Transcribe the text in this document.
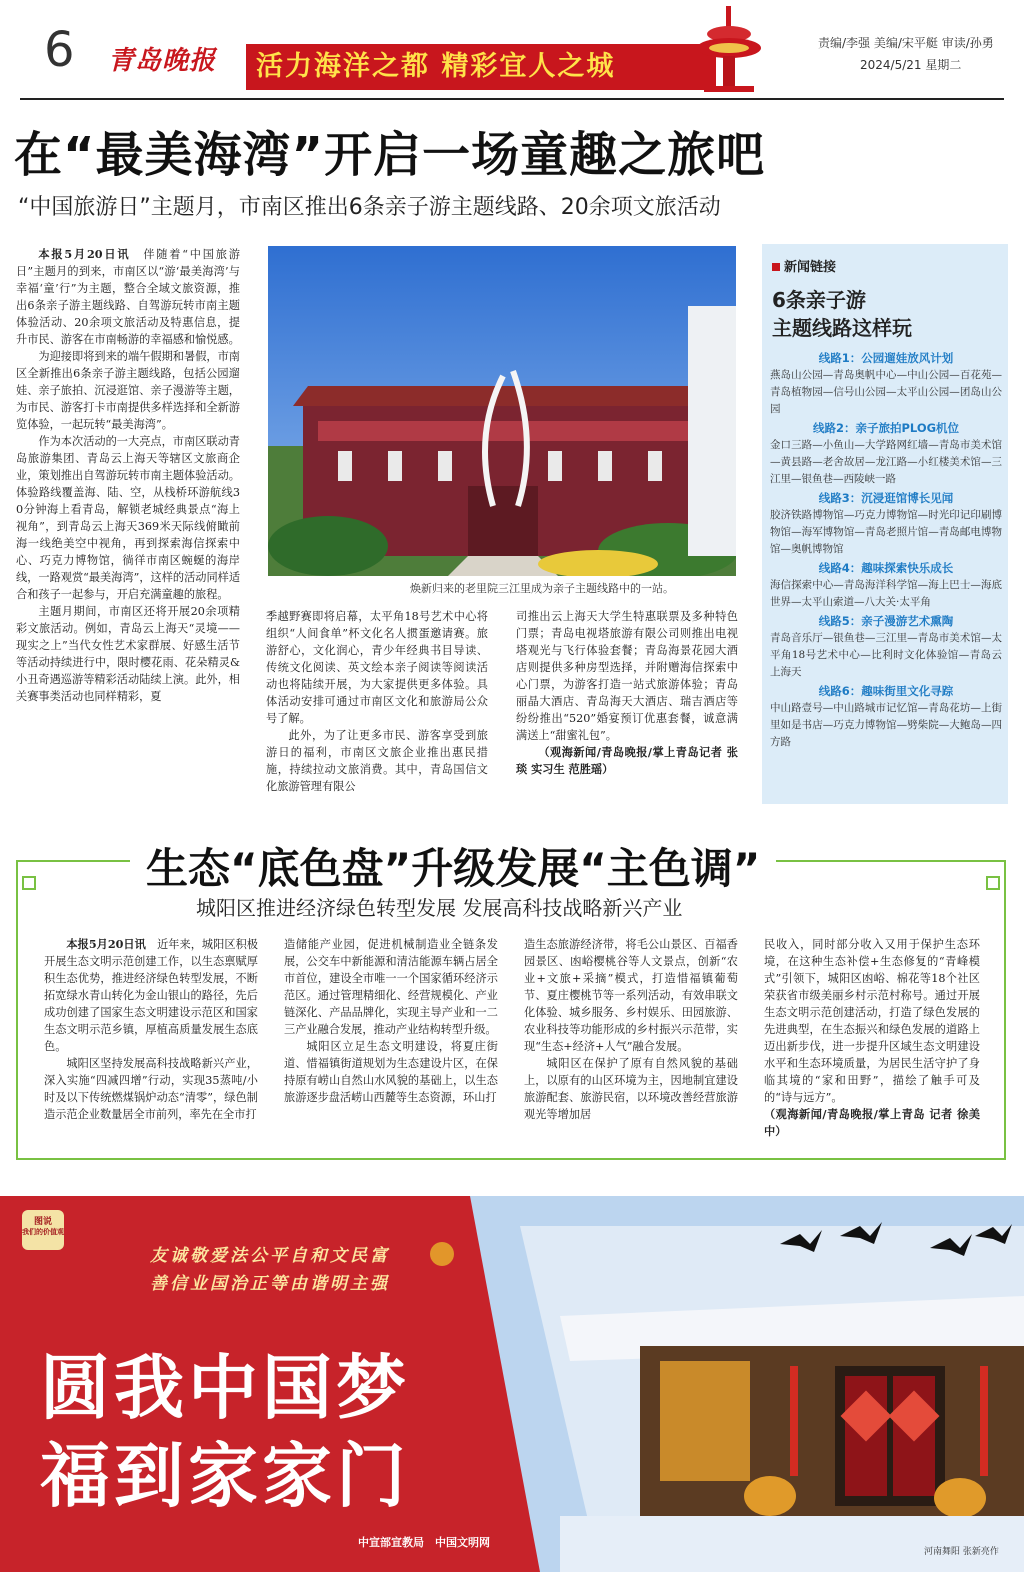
6 青岛晚报	活力海洋之都 精彩宜人之城
责编/李强 美编/宋平艇 审读/孙勇
2024/5/21 星期二
在“最美海湾”开启一场童趣之旅吧
“中国旅游日”主题月，市南区推出6条亲子游主题线路、20余项文旅活动

本报5月20日讯　 伴随着“中国旅游日”主题月的到来，市南区以“游‘最美海湾’与幸福‘童’行”为主题，整合全域文旅资源，推出6条亲子游主题线路、自驾游玩转市南主题体验活动、20余项文旅活动及特惠信息，提升市民、游客在市南畅游的幸福感和愉悦感。

为迎接即将到来的端午假期和暑假，市南区全新推出6条亲子游主题线路，包括公园遛娃、亲子旅拍、沉浸逛馆、亲子漫游等主题，为市民、游客打卡市南提供多样选择和全新游览体验，一起玩转“最美海湾”。

作为本次活动的一大亮点，市南区联动青岛旅游集团、青岛云上海天等辖区文旅商企业，策划推出自驾游玩转市南主题体验活动。体验路线覆盖海、陆、空，从栈桥环游航线30分钟海上看青岛，解锁老城经典景点“海上视角”，到青岛云上海天369米天际线俯瞰前海一线绝美空中视角，再到探索海信探索中心、巧克力博物馆，徜徉市南区蜿蜒的海岸线，一路观赏“最美海湾”，这样的活动同样适合和孩子一起参与，开启充满童趣的旅程。

主题月期间，市南区还将开展20余项精彩文旅活动。例如，青岛云上海天“灵境——现实之上”当代女性艺术家群展、好感生活节等活动持续进行中，限时樱花雨、花朵精灵&小丑奇遇巡游等精彩活动陆续上演。此外，相关赛事类活动也同样精彩，夏

焕新归来的老里院三江里成为亲子主题线路中的一站。

季越野赛即将启幕，太平角18号艺术中心将组织“人间食单”杯文化名人掼蛋邀请赛。旅游舒心，文化润心，青少年经典书目导读、传统文化阅读、英文绘本亲子阅读等阅读活动也将陆续开展，为大家提供更多体验。具体活动安排可通过市南区文化和旅游局公众号了解。

此外，为了让更多市民、游客享受到旅游日的福利，市南区文旅企业推出惠民措施，持续拉动文旅消费。其中，青岛国信文化旅游管理有限公

司推出云上海天大学生特惠联票及多种特色门票；青岛电视塔旅游有限公司则推出电视塔观光与飞行体验套餐；青岛海景花园大酒店则提供多种房型选择，并附赠海信探索中心门票，为游客打造一站式旅游体验；青岛丽晶大酒店、青岛海天大酒店、瑞吉酒店等纷纷推出“520”婚宴预订优惠套餐，诚意满满送上“甜蜜礼包”。

（观海新闻/青岛晚报/掌上青岛记者 张琰 实习生 范胜瑶）

新闻链接
6条亲子游
主题线路这样玩
线路1：公园遛娃放风计划
燕岛山公园—青岛奥帆中心—中山公园—百花苑—青岛植物园—信号山公园—太平山公园—团岛山公园
线路2：亲子旅拍PLOG机位
金口三路—小鱼山—大学路网红墙—青岛市美术馆—黄县路—老舍故居—龙江路—小红楼美术馆—三江里—银鱼巷—西陵峡一路
线路3：沉浸逛馆博长见闻
胶济铁路博物馆—巧克力博物馆—时光印记印刷博物馆—海军博物馆—青岛老照片馆—青岛邮电博物馆—奥帆博物馆
线路4：趣味探索快乐成长
海信探索中心—青岛海洋科学馆—海上巴士—海底世界—太平山索道—八大关·太平角
线路5：亲子漫游艺术熏陶
青岛音乐厅—银鱼巷—三江里—青岛市美术馆—太平角18号艺术中心—比利时文化体验馆—青岛云上海天
线路6：趣味街里文化寻踪
中山路壹号—中山路城市记忆馆—青岛花坊—上街里如是书店—巧克力博物馆—劈柴院—大鲍岛—四方路
生态“底色盘”升级发展“主色调”
城阳区推进经济绿色转型发展 发展高科技战略新兴产业

本报5月20日讯　 近年来，城阳区积极开展生态文明示范创建工作，以生态禀赋厚积生态优势，推进经济绿色转型发展，不断拓宽绿水青山转化为金山银山的路径，先后成功创建了国家生态文明建设示范区和国家生态文明示范乡镇，厚植高质量发展生态底色。

城阳区坚持发展高科技战略新兴产业，深入实施“四减四增”行动，实现35蒸吨/小时及以下传统燃煤锅炉动态“清零”，绿色制造示范企业数量居全市前列，率先在全市打

造储能产业园，促进机械制造业全链条发展，公交车中新能源和清洁能源车辆占居全市首位，建设全市唯一一个国家循环经济示范区。通过管理精细化、经营规模化、产业链深化、产品品牌化，实现主导产业和一二三产业融合发展，推动产业结构转型升级。

城阳区立足生态文明建设，将夏庄街道、惜福镇街道规划为生态建设片区，在保持原有崂山自然山水风貌的基础上，以生态旅游逐步盘活崂山西麓等生态资源，环山打

造生态旅游经济带，将毛公山景区、百福香园景区、凼峪樱桃谷等人文景点，创新“农业+文旅+采摘”模式，打造惜福镇葡萄节、夏庄樱桃节等一系列活动，有效串联文化体验、城乡服务、乡村娱乐、田园旅游、农业科技等功能形成的乡村振兴示范带，实现“生态+经济+人气”融合发展。

城阳区在保护了原有自然风貌的基础上，以原有的山区环境为主，因地制宜建设旅游配套、旅游民宿，以环境改善经营旅游观光等增加居

民收入，同时部分收入又用于保护生态环境，在这种生态补偿+生态修复的“青峰模式”引领下，城阳区凼峪、棉花等18个社区荣获省市级美丽乡村示范村称号。通过开展生态文明示范创建活动，打造了绿色发展的先进典型，在生态振兴和绿色发展的道路上迈出新步伐，进一步提升区域生态文明建设水平和生态环境质量，为居民生活守护了身临其境的“家和田野”，描绘了触手可及的“诗与远方”。

（观海新闻/青岛晚报/掌上青岛 记者 徐美中）

图说
我们的价值观
友诚敬爱法公平自和文民富
善信业国治正等由谐明主强
圆我中国梦
福到家家门
中宣部宣教局　中国文明网
河南舞阳 张新亮作
